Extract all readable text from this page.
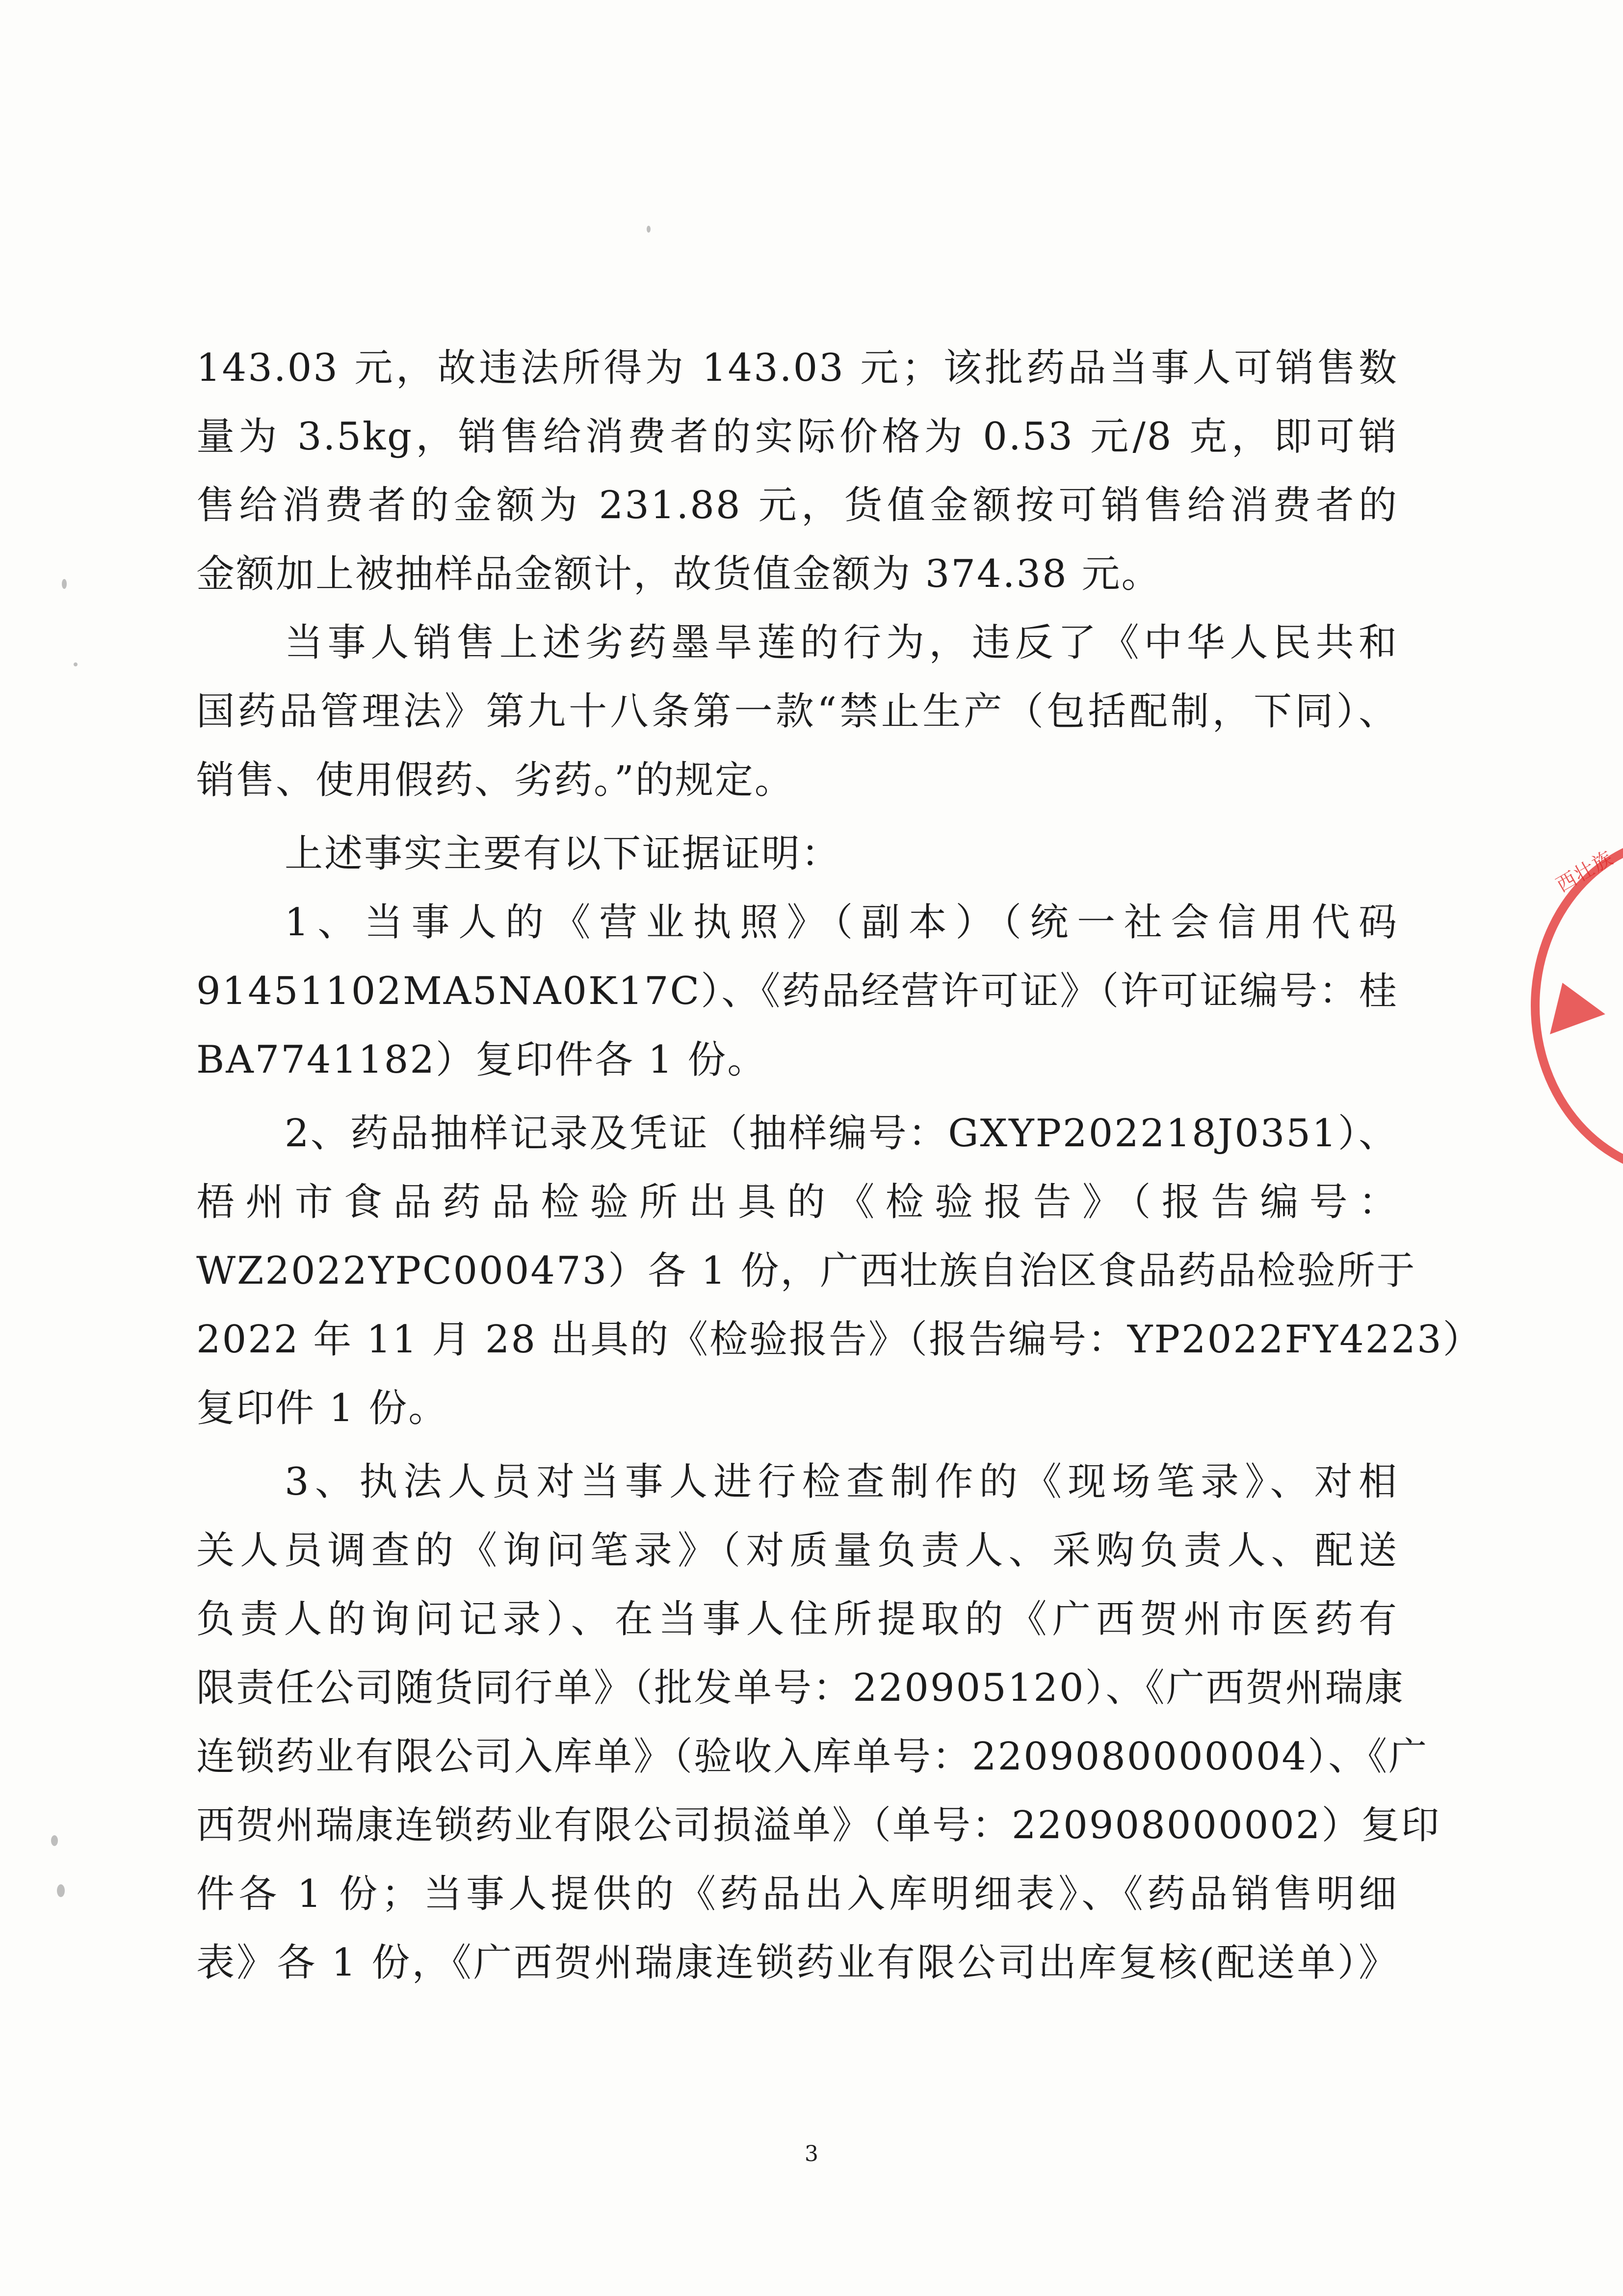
143.03 元，故违法所得为 143.03 元；该批药品当事人可销售数
量为 3.5kg，销售给消费者的实际价格为 0.53 元/8 克，即可销
售给消费者的金额为 231.88 元，货值金额按可销售给消费者的
金额加上被抽样品金额计，故货值金额为 374.38 元。
当事人销售上述劣药墨旱莲的行为，违反了《中华人民共和
国药品管理法》第九十八条第一款“禁止生产（包括配制，下同）、
销售、使用假药、劣药。”的规定。
上述事实主要有以下证据证明：
1、当事人的《营业执照》（副本）（统一社会信用代码
91451102MA5NA0K17C）、《药品经营许可证》（许可证编号：桂
BA7741182）复印件各 1 份。
2、药品抽样记录及凭证（抽样编号：GXYP202218J0351）、
梧州市食品药品检验所出具的《检验报告》（报告编号：
WZ2022YPC000473）各 1 份，广西壮族自治区食品药品检验所于
2022 年 11 月 28 出具的《检验报告》（报告编号：YP2022FY4223）
复印件 1 份。
3、执法人员对当事人进行检查制作的《现场笔录》、对相
关人员调查的《询问笔录》（对质量负责人、采购负责人、配送
负责人的询问记录）、在当事人住所提取的《广西贺州市医药有
限责任公司随货同行单》（批发单号：220905120）、《广西贺州瑞康
连锁药业有限公司入库单》（验收入库单号：2209080000004）、《广
西贺州瑞康连锁药业有限公司损溢单》（单号：220908000002）复印
件各 1 份；当事人提供的《药品出入库明细表》、《药品销售明细
表》各 1 份，《广西贺州瑞康连锁药业有限公司出库复核(配送单）》
3
西壮族
